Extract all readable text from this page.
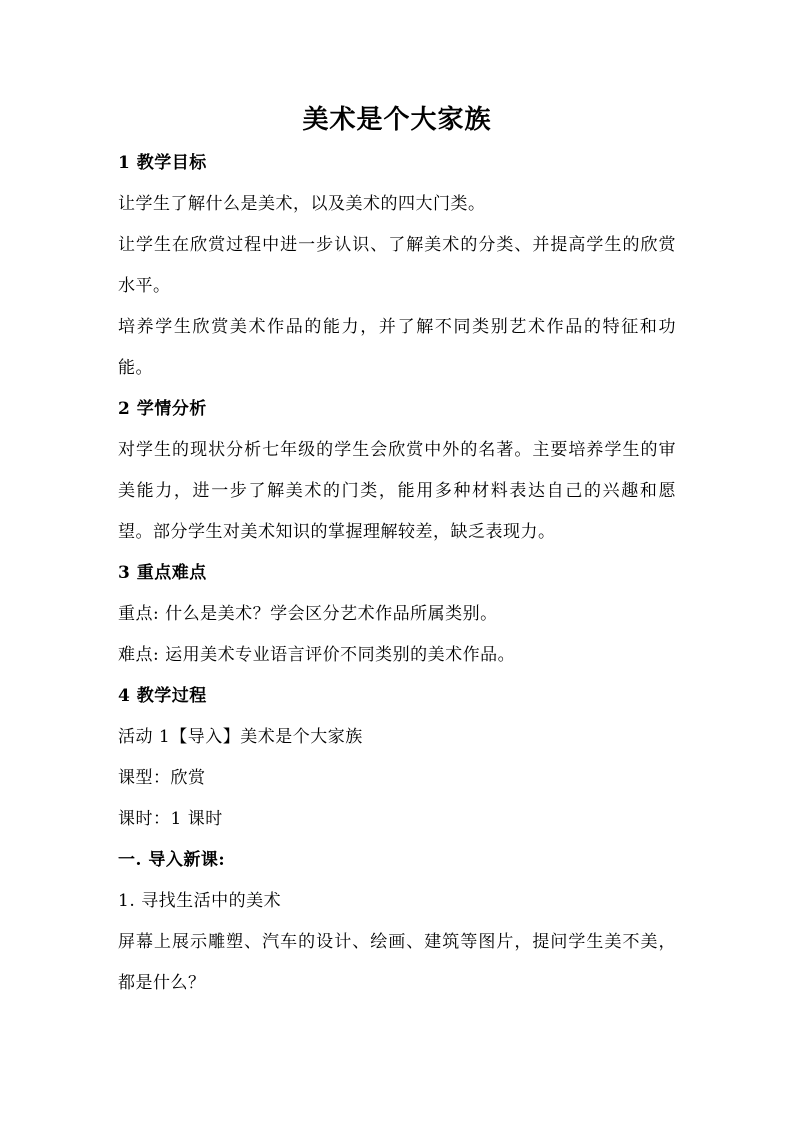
美术是个大家族

1 教学目标

让学生了解什么是美术，以及美术的四大门类。

让学生在欣赏过程中进一步认识、了解美术的分类、并提高学生的欣赏水平。

培养学生欣赏美术作品的能力，并了解不同类别艺术作品的特征和功能。

2 学情分析

对学生的现状分析七年级的学生会欣赏中外的名著。主要培养学生的审美能力，进一步了解美术的门类，能用多种材料表达自己的兴趣和愿望。部分学生对美术知识的掌握理解较差，缺乏表现力。

3 重点难点

重点: 什么是美术？学会区分艺术作品所属类别。

难点: 运用美术专业语言评价不同类别的美术作品。

4 教学过程

活动 1【导入】美术是个大家族

课型：欣赏

课时：1 课时

一. 导入新课:

1. 寻找生活中的美术

屏幕上展示雕塑、汽车的设计、绘画、建筑等图片，提问学生美不美，都是什么？
